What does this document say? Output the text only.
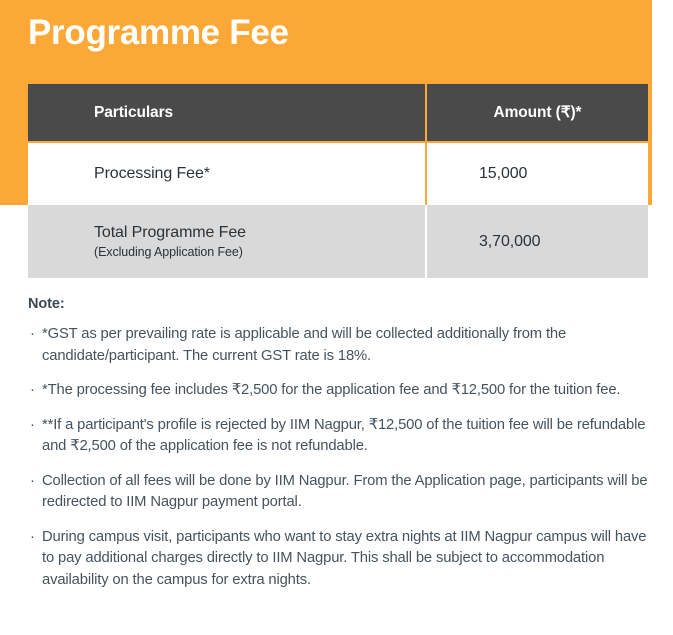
Programme Fee
Particulars	Amount (₹)*

Processing Fee*	15,000

Total Programme Fee
(Excluding Application Fee)	3,70,000
Note:
· *GST as per prevailing rate is applicable and will be collected additionally from the candidate/participant. The current GST rate is 18%.
· *The processing fee includes ₹2,500 for the application fee and ₹12,500 for the tuition fee.
· **If a participant's profile is rejected by IIM Nagpur, ₹12,500 of the tuition fee will be refundable and ₹2,500 of the application fee is not refundable.
· Collection of all fees will be done by IIM Nagpur. From the Application page, participants will be redirected to IIM Nagpur payment portal.
· During campus visit, participants who want to stay extra nights at IIM Nagpur campus will have to pay additional charges directly to IIM Nagpur. This shall be subject to accommodation availability on the campus for extra nights.
